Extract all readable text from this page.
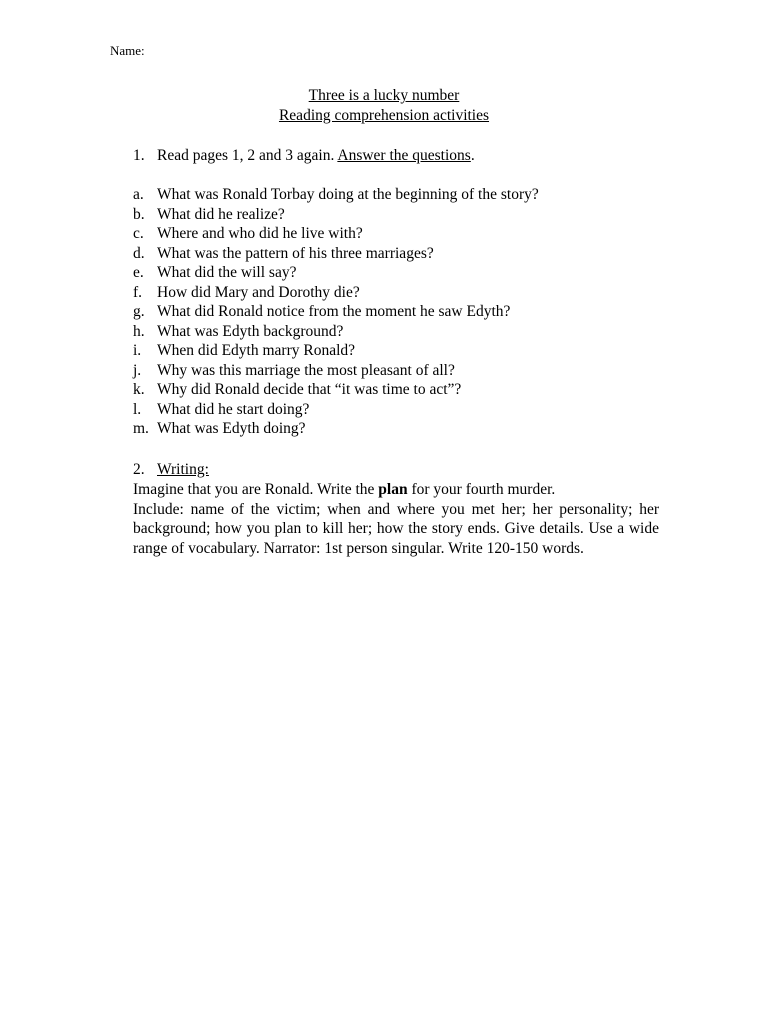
Name:
Three is a lucky number
Reading comprehension activities
1. Read pages 1, 2 and 3 again. Answer the questions.
a. What was Ronald Torbay doing at the beginning of the story?
b. What did he realize?
c. Where and who did he live with?
d. What was the pattern of his three marriages?
e. What did the will say?
f. How did Mary and Dorothy die?
g. What did Ronald notice from the moment he saw Edyth?
h. What was Edyth background?
i. When did Edyth marry Ronald?
j. Why was this marriage the most pleasant of all?
k. Why did Ronald decide that “it was time to act”?
l. What did he start doing?
m. What was Edyth doing?
2. Writing:

Imagine that you are Ronald. Write the plan for your fourth murder.

Include: name of the victim; when and where you met her; her personality; her background; how you plan to kill her; how the story ends. Give details. Use a wide range of vocabulary. Narrator: 1st person singular. Write 120-150 words.
